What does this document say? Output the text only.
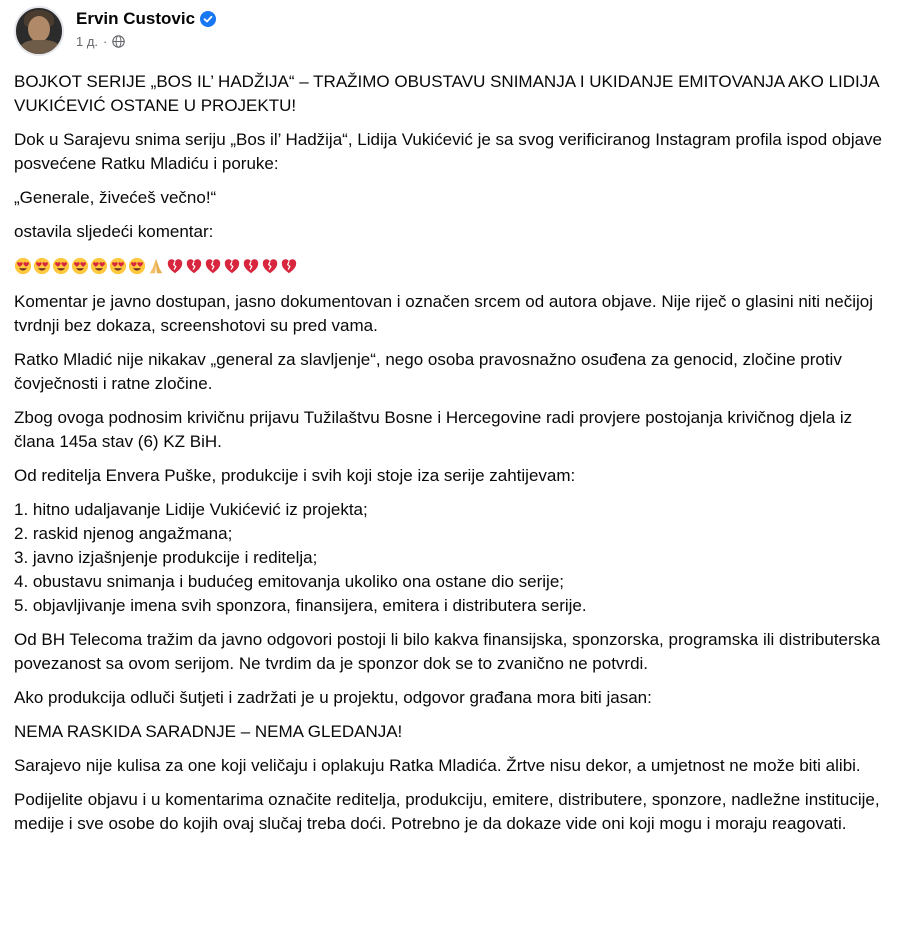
Ervin Custovic
1 д. ·

BOJKOT SERIJE „BOS IL’ HADŽIJA“ – TRAŽIMO OBUSTAVU SNIMANJA I UKIDANJE EMITOVANJA AKO LIDIJA VUKIĆEVIĆ OSTANE U PROJEKTU!

Dok u Sarajevu snima seriju „Bos il’ Hadžija“, Lidija Vukićević je sa svog verificiranog Instagram profila ispod objave posvećene Ratku Mladiću i poruke:

„Generale, živećeš večno!“

ostavila sljedeći komentar:

Komentar je javno dostupan, jasno dokumentovan i označen srcem od autora objave. Nije riječ o glasini niti nečijoj tvrdnji bez dokaza, screenshotovi su pred vama.

Ratko Mladić nije nikakav „general za slavljenje“, nego osoba pravosnažno osuđena za genocid, zločine protiv čovječnosti i ratne zločine.

Zbog ovoga podnosim krivičnu prijavu Tužilaštvu Bosne i Hercegovine radi provjere postojanja krivičnog djela iz člana 145a stav (6) KZ BiH.

Od reditelja Envera Puške, produkcije i svih koji stoje iza serije zahtijevam:

1. hitno udaljavanje Lidije Vukićević iz projekta;
2. raskid njenog angažmana;
3. javno izjašnjenje produkcije i reditelja;
4. obustavu snimanja i budućeg emitovanja ukoliko ona ostane dio serije;
5. objavljivanje imena svih sponzora, finansijera, emitera i distributera serije.

Od BH Telecoma tražim da javno odgovori postoji li bilo kakva finansijska, sponzorska, programska ili distributerska povezanost sa ovom serijom. Ne tvrdim da je sponzor dok se to zvanično ne potvrdi.

Ako produkcija odluči šutjeti i zadržati je u projektu, odgovor građana mora biti jasan:

NEMA RASKIDA SARADNJE – NEMA GLEDANJA!

Sarajevo nije kulisa za one koji veličaju i oplakuju Ratka Mladića. Žrtve nisu dekor, a umjetnost ne može biti alibi.

Podijelite objavu i u komentarima označite reditelja, produkciju, emitere, distributere, sponzore, nadležne institucije, medije i sve osobe do kojih ovaj slučaj treba doći. Potrebno je da dokaze vide oni koji mogu i moraju reagovati.
